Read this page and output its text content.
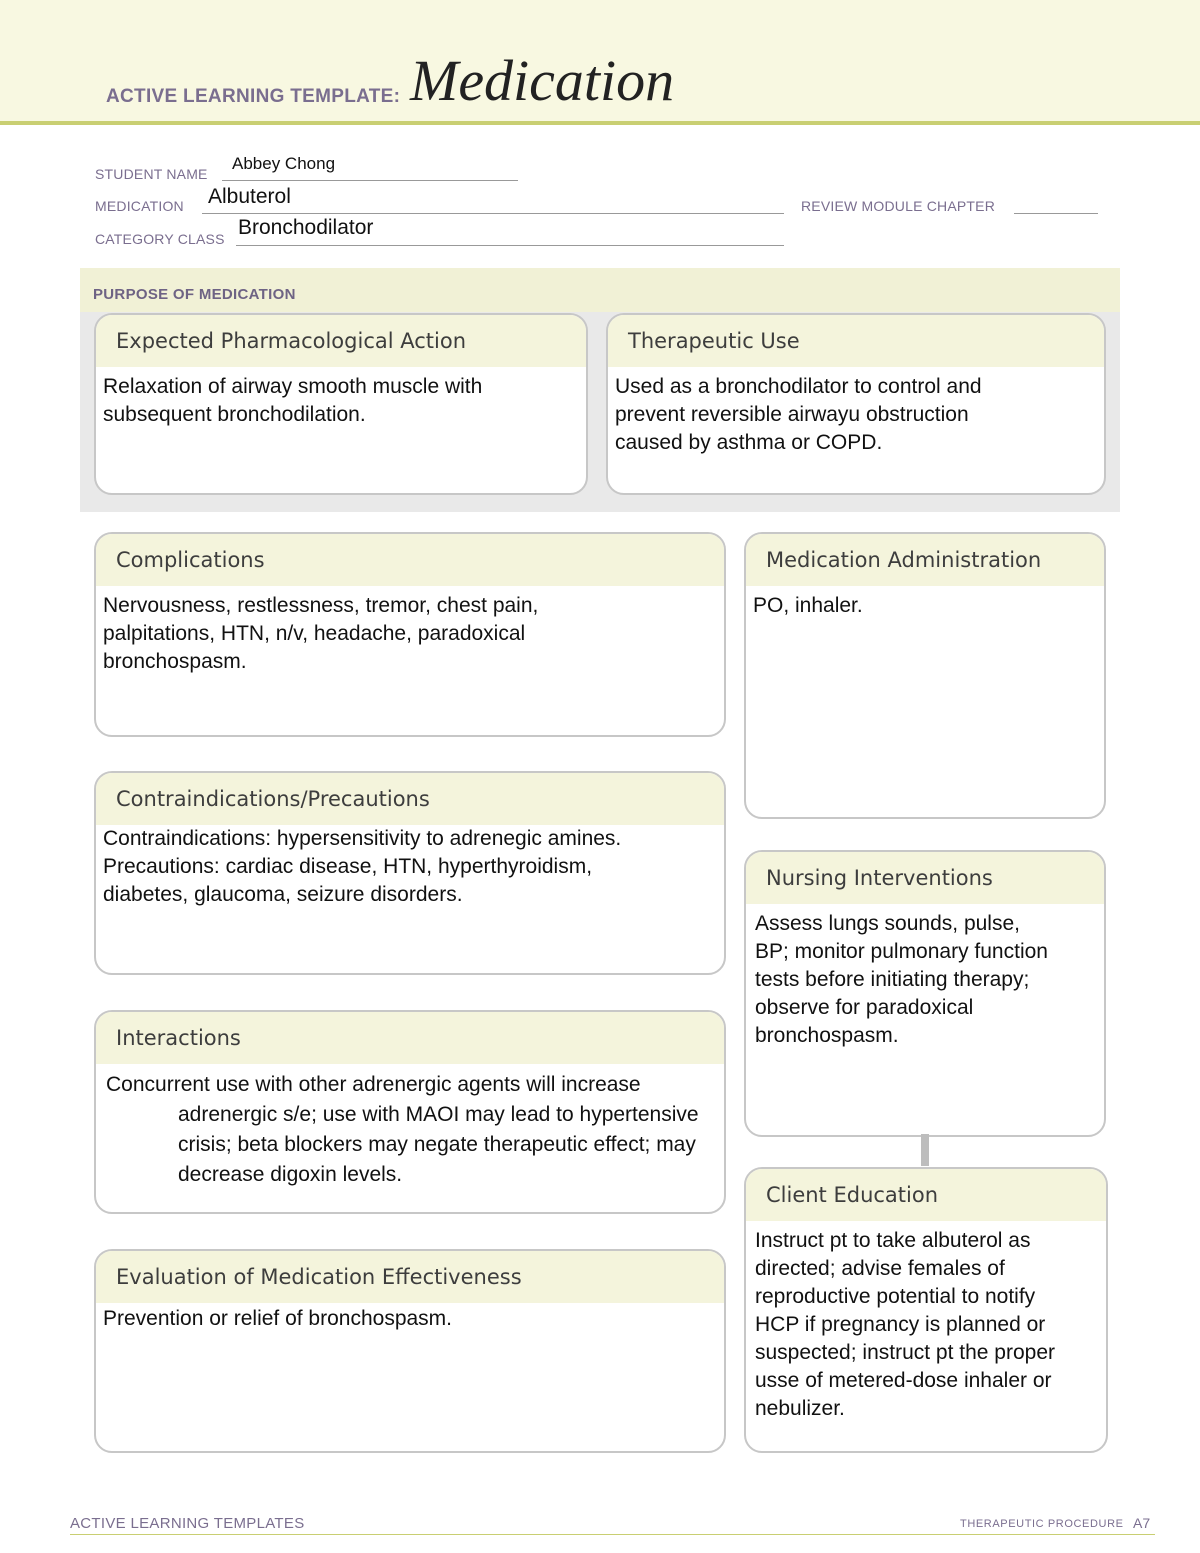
ACTIVE LEARNING TEMPLATE: Medication
STUDENT NAME
Abbey Chong
MEDICATION Albuterol	REVIEW MODULE CHAPTER
CATEGORY CLASS Bronchodilator
PURPOSE OF MEDICATION
Expected Pharmacological Action
Relaxation of airway smooth muscle with
subsequent bronchodilation.
Therapeutic Use
Used as a bronchodilator to control and
prevent reversible airwayu obstruction
caused by asthma or COPD.
Complications
Nervousness, restlessness, tremor, chest pain,
palpitations, HTN, n/v, headache, paradoxical
bronchospasm.
Medication Administration
PO, inhaler.
Contraindications/Precautions
Contraindications: hypersensitivity to adrenegic amines.
Precautions: cardiac disease, HTN, hyperthyroidism,
diabetes, glaucoma, seizure disorders.
Nursing Interventions
Assess lungs sounds, pulse,
BP; monitor pulmonary function
tests before initiating therapy;
observe for paradoxical
bronchospasm.
Interactions
Concurrent use with other adrenergic agents will increase adrenergic s/e; use with MAOI may lead to hypertensive crisis; beta blockers may negate therapeutic effect; may decrease digoxin levels.
Client Education
Instruct pt to take albuterol as
directed; advise females of
reproductive potential to notify
HCP if pregnancy is planned or
suspected; instruct pt the proper
usse of metered-dose inhaler or
nebulizer.
Evaluation of Medication Effectiveness
Prevention or relief of bronchospasm.
ACTIVE LEARNING TEMPLATES	THERAPEUTIC PROCEDURE A7
